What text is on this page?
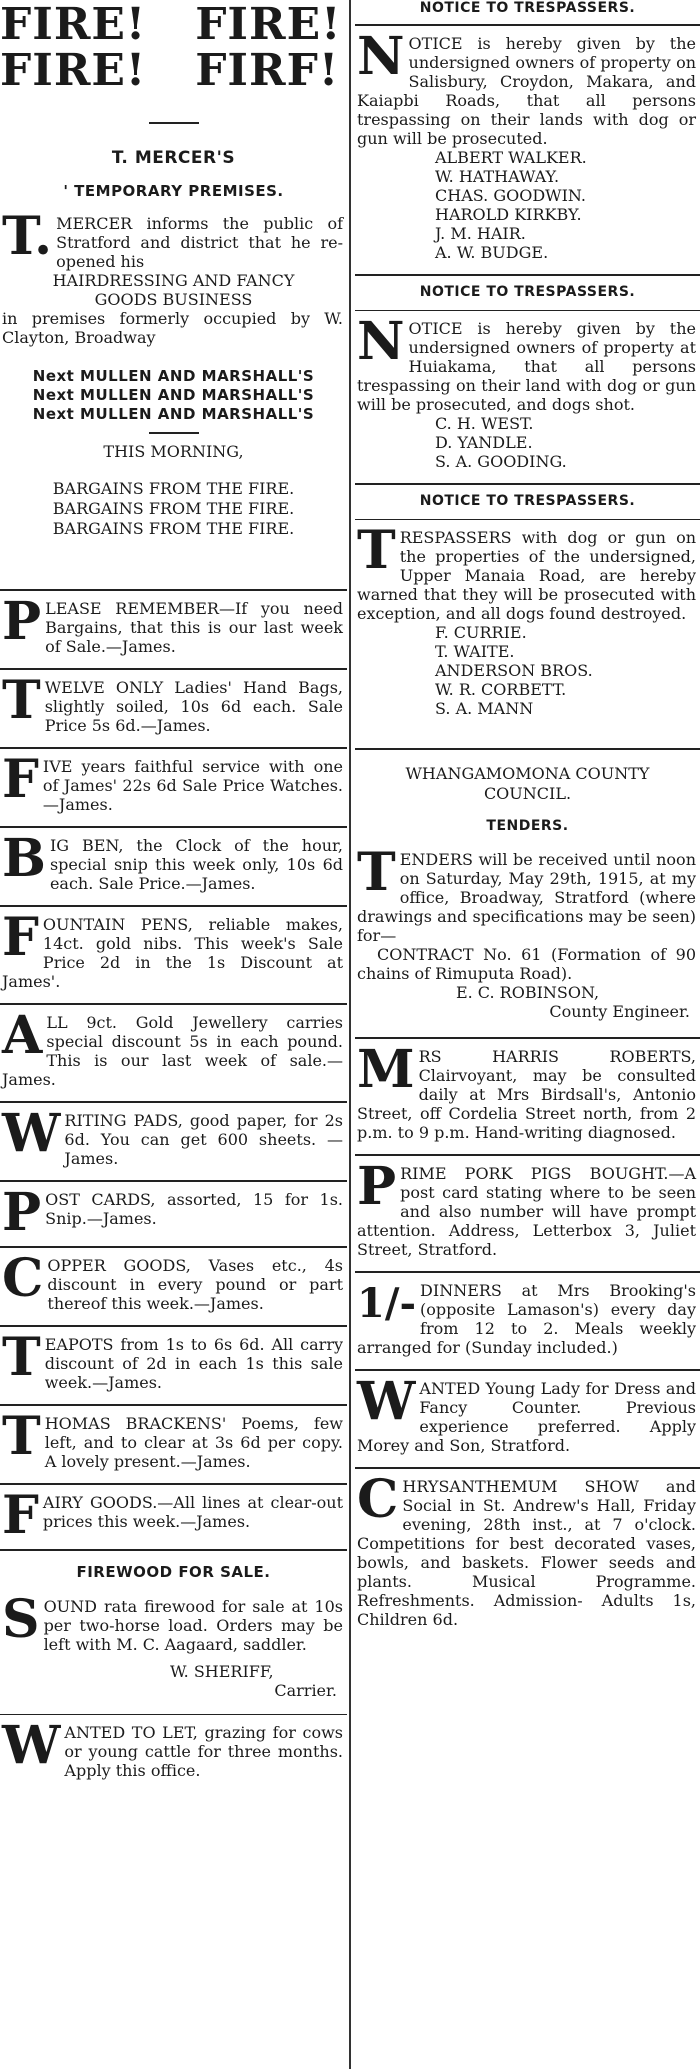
FIRE!   FIRE!
FIRE!   FIRF!
T. MERCER'S
' TEMPORARY PREMISES.
T. MERCER informs the public of Stratford and district that he re-opened his
HAIRDRESSING AND FANCY
GOODS BUSINESS
in premises formerly occupied by W. Clayton, Broadway
Next MULLEN AND MARSHALL'S
Next MULLEN AND MARSHALL'S
Next MULLEN AND MARSHALL'S
THIS MORNING,
BARGAINS FROM THE FIRE.
BARGAINS FROM THE FIRE.
BARGAINS FROM THE FIRE.
PLEASE REMEMBER—If you need Bargains, that this is our last week of Sale.—James.
TWELVE ONLY Ladies' Hand Bags, slightly soiled, 10s 6d each. Sale Price 5s 6d.—James.
FIVE years faithful service with one of James' 22s 6d Sale Price Watches.—James.
BIG BEN, the Clock of the hour, special snip this week only, 10s 6d each. Sale Price.—James.
FOUNTAIN PENS, reliable makes, 14ct. gold nibs. This week's Sale Price 2d in the 1s Discount at James'.
ALL 9ct. Gold Jewellery carries special discount 5s in each pound. This is our last week of sale.—James.
WRITING PADS, good paper, for 2s 6d. You can get 600 sheets. —James.
POST CARDS, assorted, 15 for 1s. Snip.—James.
COPPER GOODS, Vases etc., 4s discount in every pound or part thereof this week.—James.
TEAPOTS from 1s to 6s 6d. All carry discount of 2d in each 1s this sale week.—James.
THOMAS BRACKENS' Poems, few left, and to clear at 3s 6d per copy. A lovely present.—James.
FAIRY GOODS.—All lines at clear-out prices this week.—James.
FIREWOOD FOR SALE.
S OUND rata firewood for sale at 10s per two-horse load. Orders may be left with M. C. Aagaard, saddler.
W. SHERIFF,
Carrier.
W ANTED TO LET, grazing for cows or young cattle for three months. Apply this office.
NOTICE TO TRESPASSERS.
N OTICE is hereby given by the undersigned owners of property on Salisbury, Croydon, Makara, and Kaiapbi Roads, that all persons trespassing on their lands with dog or gun will be prosecuted.
ALBERT WALKER.
W. HATHAWAY.
CHAS. GOODWIN.
HAROLD KIRKBY.
J. M. HAIR.
A. W. BUDGE.
NOTICE TO TRESPASSERS.
N OTICE is hereby given by the undersigned owners of property at Huiakama, that all persons trespassing on their land with dog or gun will be prosecuted, and dogs shot.
C. H. WEST.
D. YANDLE.
S. A. GOODING.
NOTICE TO TRESPASSERS.
T RESPASSERS with dog or gun on the properties of the undersigned, Upper Manaia Road, are hereby warned that they will be prosecuted with exception, and all dogs found destroyed.
F. CURRIE.
T. WAITE.
ANDERSON BROS.
W. R. CORBETT.
S. A. MANN
WHANGAMOMONA COUNTY
COUNCIL.
TENDERS.
T ENDERS will be received until noon on Saturday, May 29th, 1915, at my office, Broadway, Stratford (where drawings and specifications may be seen) for—
CONTRACT No. 61 (Formation of 90 chains of Rimuputa Road).
E. C. ROBINSON,
County Engineer.
MRS HARRIS ROBERTS, Clairvoyant, may be consulted daily at Mrs Birdsall's, Antonio Street, off Cordelia Street north, from 2 p.m. to 9 p.m. Hand-writing diagnosed.
PRIME PORK PIGS BOUGHT.—A post card stating where to be seen and also number will have prompt attention. Address, Letterbox 3, Juliet Street, Stratford.
1/- DINNERS at Mrs Brooking's (opposite Lamason's) every day from 12 to 2. Meals weekly arranged for (Sunday included.)
WANTED Young Lady for Dress and Fancy Counter. Previous experience preferred. Apply Morey and Son, Stratford.
CHRYSANTHEMUM SHOW and Social in St. Andrew's Hall, Friday evening, 28th inst., at 7 o'clock. Competitions for best decorated vases, bowls, and baskets. Flower seeds and plants. Musical Programme. Refreshments. Admission- Adults 1s, Children 6d.
